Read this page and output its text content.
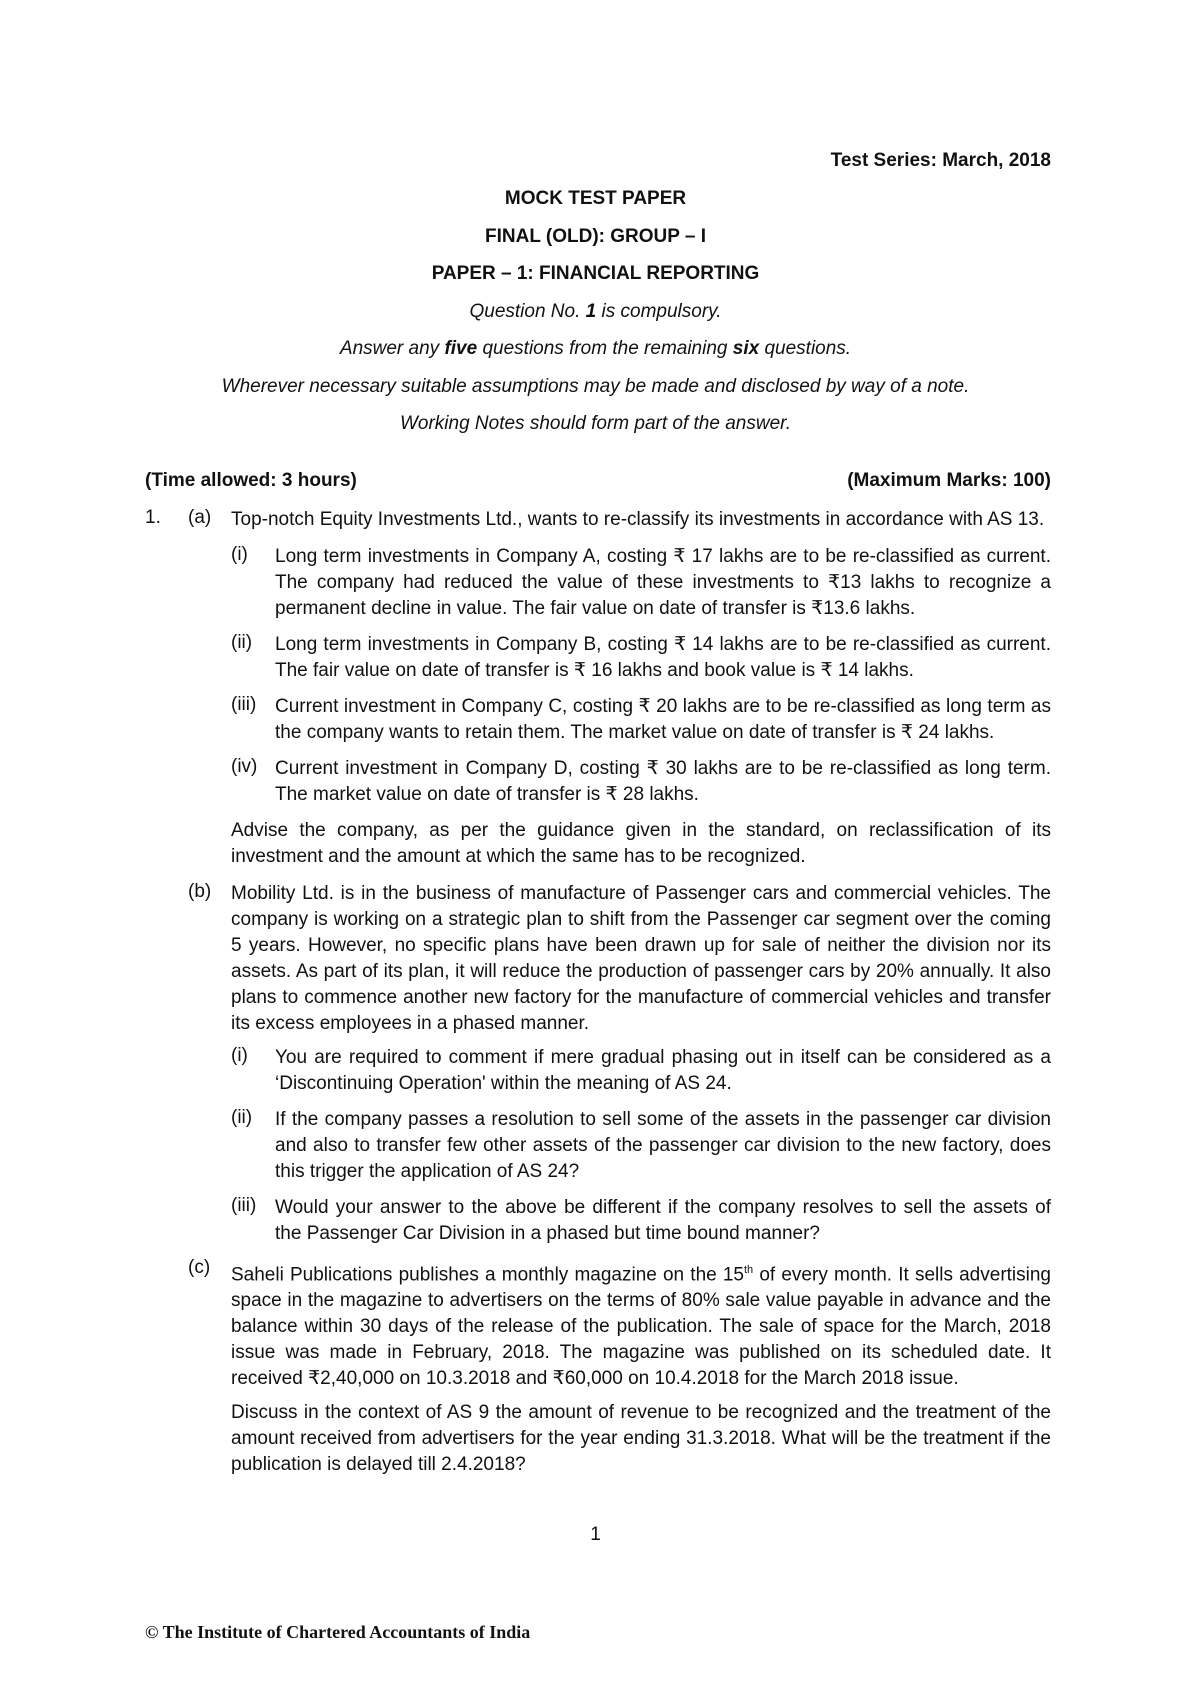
Test Series: March, 2018
MOCK TEST PAPER
FINAL (OLD): GROUP – I
PAPER – 1: FINANCIAL REPORTING
Question No. 1 is compulsory.
Answer any five questions from the remaining six questions.
Wherever necessary suitable assumptions may be made and disclosed by way of a note.
Working Notes should form part of the answer.
(Time allowed: 3 hours)	(Maximum Marks: 100)
1. (a) Top-notch Equity Investments Ltd., wants to re-classify its investments in accordance with AS 13.
(i) Long term investments in Company A, costing ₹ 17 lakhs are to be re-classified as current. The company had reduced the value of these investments to ₹13 lakhs to recognize a permanent decline in value. The fair value on date of transfer is ₹13.6 lakhs.
(ii) Long term investments in Company B, costing ₹ 14 lakhs are to be re-classified as current. The fair value on date of transfer is ₹ 16 lakhs and book value is ₹ 14 lakhs.
(iii) Current investment in Company C, costing ₹ 20 lakhs are to be re-classified as long term as the company wants to retain them. The market value on date of transfer is ₹ 24 lakhs.
(iv) Current investment in Company D, costing ₹ 30 lakhs are to be re-classified as long term. The market value on date of transfer is ₹ 28 lakhs.
Advise the company, as per the guidance given in the standard, on reclassification of its investment and the amount at which the same has to be recognized.
(b) Mobility Ltd. is in the business of manufacture of Passenger cars and commercial vehicles. The company is working on a strategic plan to shift from the Passenger car segment over the coming 5 years. However, no specific plans have been drawn up for sale of neither the division nor its assets. As part of its plan, it will reduce the production of passenger cars by 20% annually. It also plans to commence another new factory for the manufacture of commercial vehicles and transfer its excess employees in a phased manner.
(i) You are required to comment if mere gradual phasing out in itself can be considered as a ‘Discontinuing Operation' within the meaning of AS 24.
(ii) If the company passes a resolution to sell some of the assets in the passenger car division and also to transfer few other assets of the passenger car division to the new factory, does this trigger the application of AS 24?
(iii) Would your answer to the above be different if the company resolves to sell the assets of the Passenger Car Division in a phased but time bound manner?
(c) Saheli Publications publishes a monthly magazine on the 15th of every month. It sells advertising space in the magazine to advertisers on the terms of 80% sale value payable in advance and the balance within 30 days of the release of the publication. The sale of space for the March, 2018 issue was made in February, 2018. The magazine was published on its scheduled date. It received ₹2,40,000 on 10.3.2018 and ₹60,000 on 10.4.2018 for the March 2018 issue.
Discuss in the context of AS 9 the amount of revenue to be recognized and the treatment of the amount received from advertisers for the year ending 31.3.2018. What will be the treatment if the publication is delayed till 2.4.2018?
1
© The Institute of Chartered Accountants of India
